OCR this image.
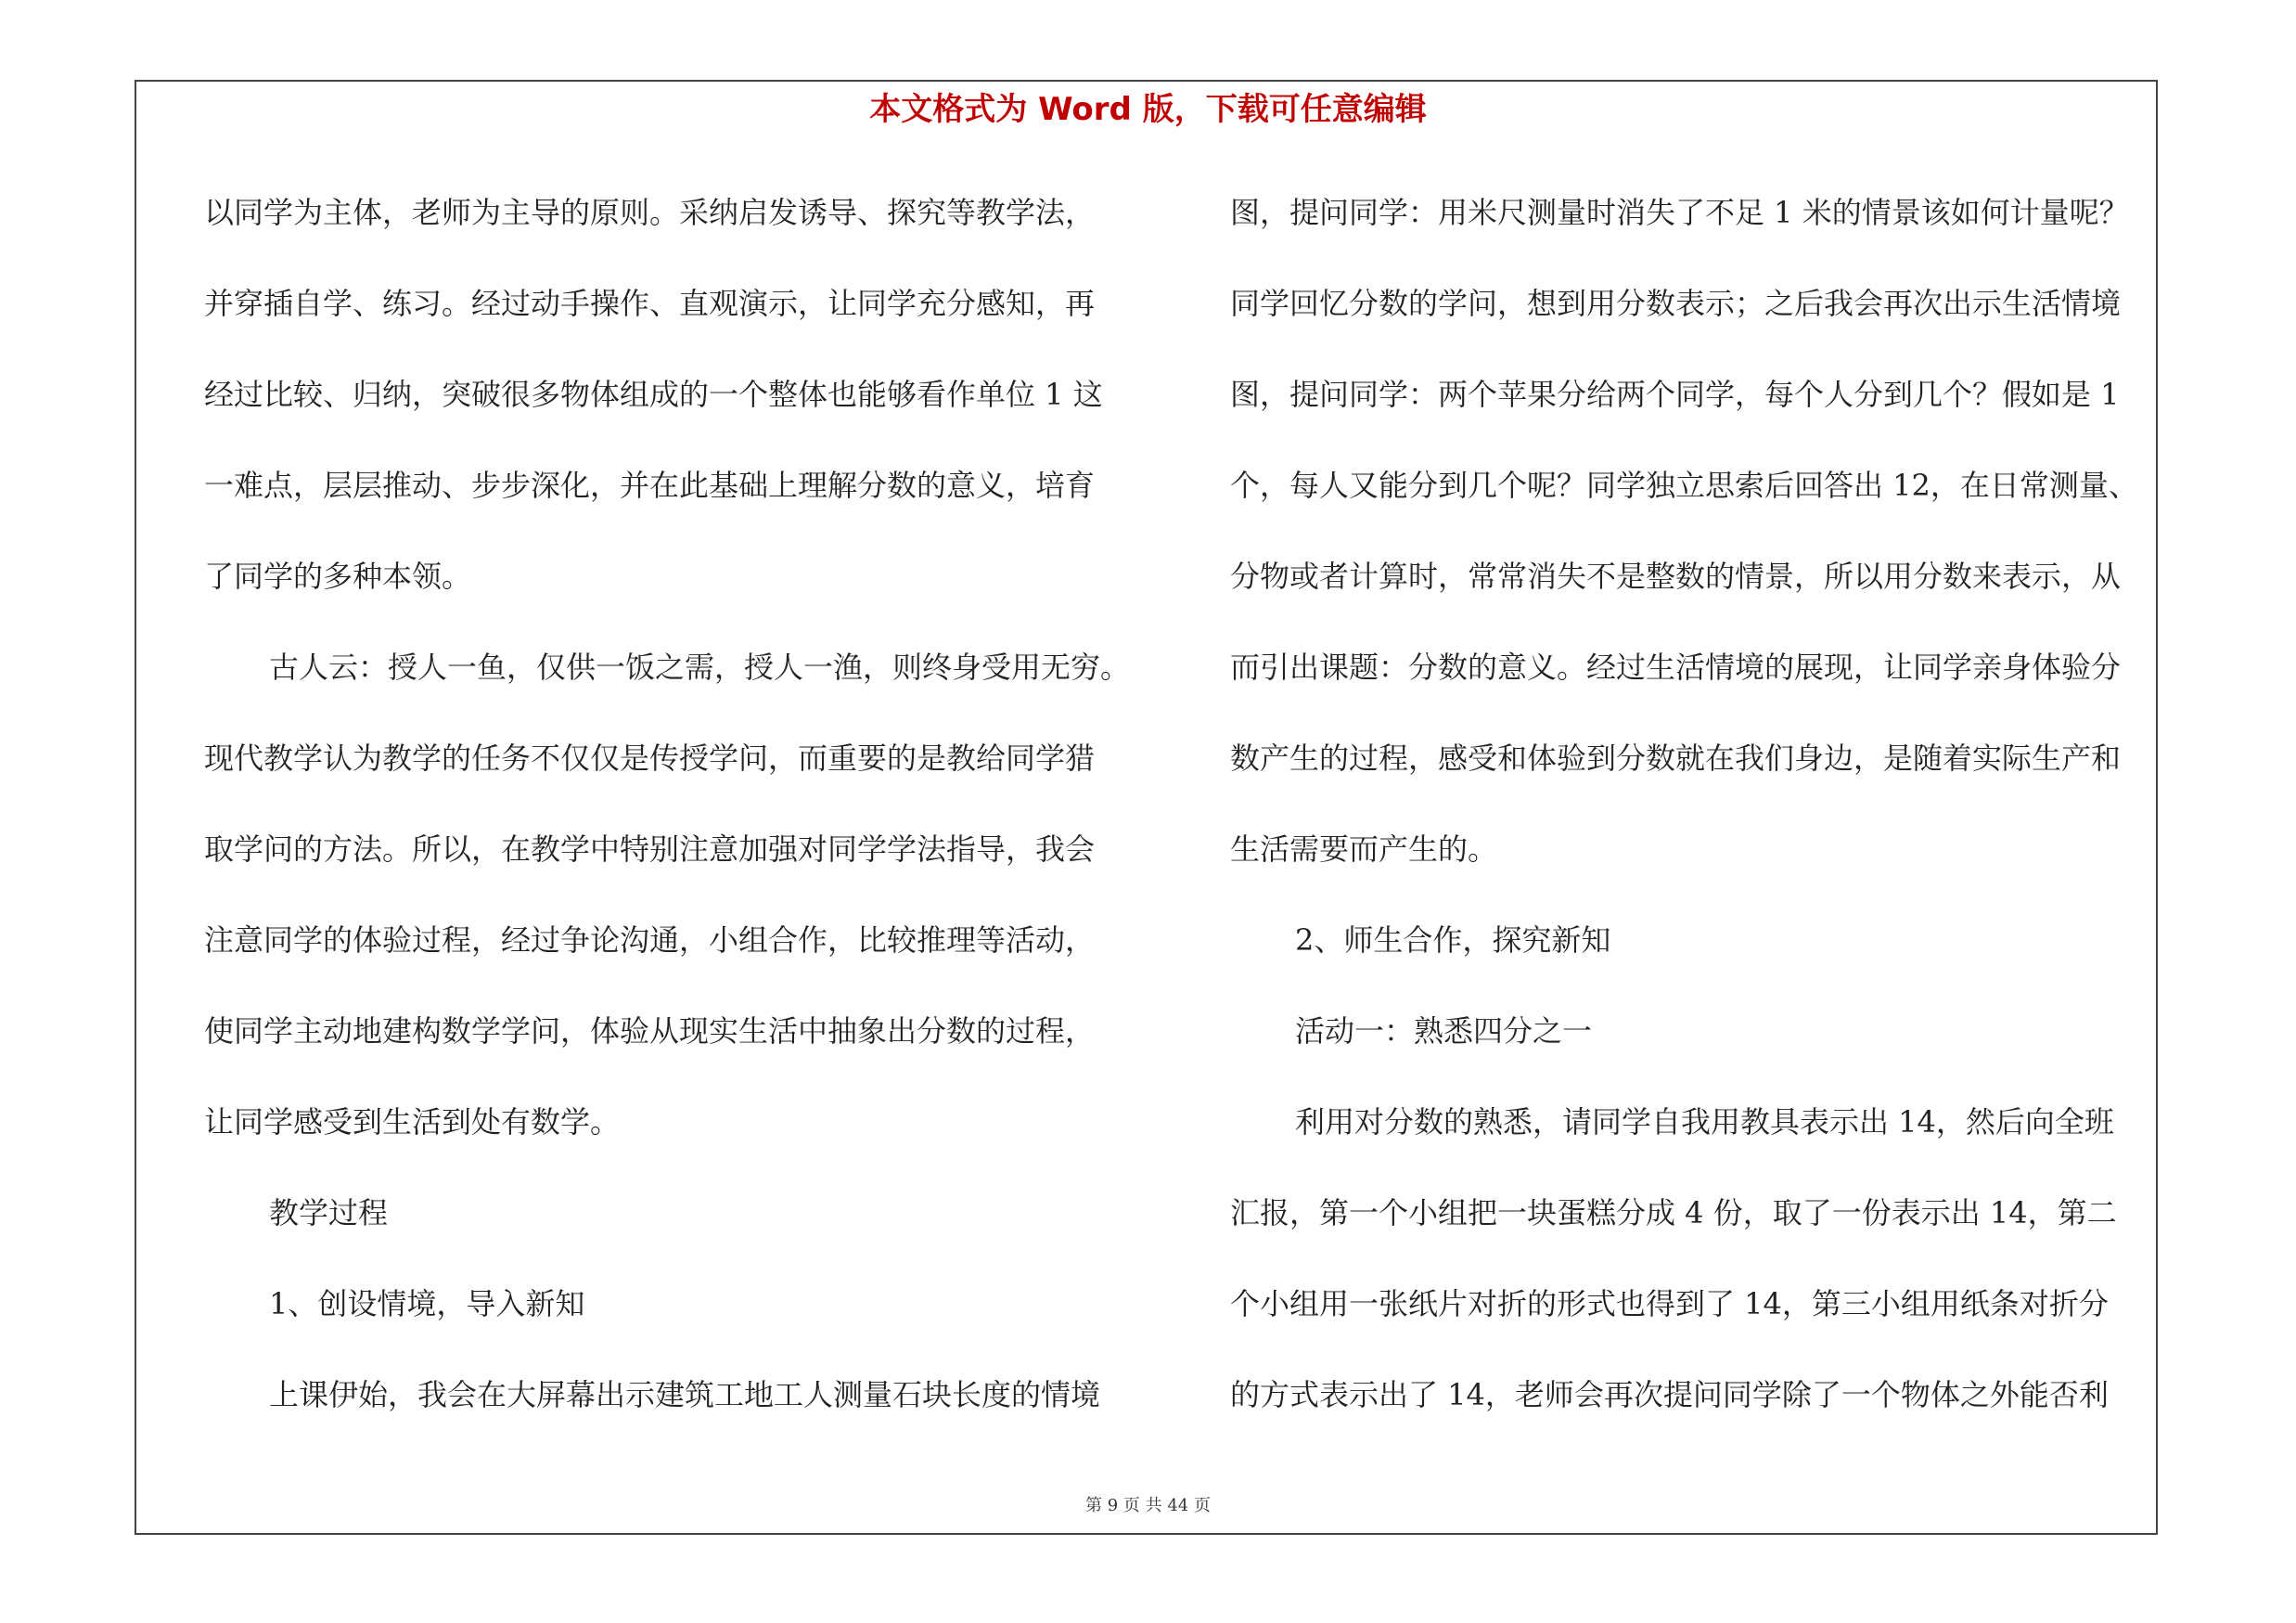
本文格式为 Word 版，下载可任意编辑
以同学为主体，老师为主导的原则。采纳启发诱导、探究等教学法，
并穿插自学、练习。经过动手操作、直观演示，让同学充分感知，再
经过比较、归纳，突破很多物体组成的一个整体也能够看作单位 1 这
一难点，层层推动、步步深化，并在此基础上理解分数的意义，培育
了同学的多种本领。
古人云：授人一鱼，仅供一饭之需，授人一渔，则终身受用无穷。
现代教学认为教学的任务不仅仅是传授学问，而重要的是教给同学猎
取学问的方法。所以，在教学中特别注意加强对同学学法指导，我会
注意同学的体验过程，经过争论沟通，小组合作，比较推理等活动，
使同学主动地建构数学学问，体验从现实生活中抽象出分数的过程，
让同学感受到生活到处有数学。
教学过程
1、创设情境，导入新知
上课伊始，我会在大屏幕出示建筑工地工人测量石块长度的情境
图，提问同学：用米尺测量时消失了不足 1 米的情景该如何计量呢？
同学回忆分数的学问，想到用分数表示；之后我会再次出示生活情境
图，提问同学：两个苹果分给两个同学，每个人分到几个？假如是 1
个，每人又能分到几个呢？同学独立思索后回答出 12，在日常测量、
分物或者计算时，常常消失不是整数的情景，所以用分数来表示，从
而引出课题：分数的意义。经过生活情境的展现，让同学亲身体验分
数产生的过程，感受和体验到分数就在我们身边，是随着实际生产和
生活需要而产生的。
2、师生合作，探究新知
活动一：熟悉四分之一
利用对分数的熟悉，请同学自我用教具表示出 14，然后向全班
汇报，第一个小组把一块蛋糕分成 4 份，取了一份表示出 14，第二
个小组用一张纸片对折的形式也得到了 14，第三小组用纸条对折分
的方式表示出了 14，老师会再次提问同学除了一个物体之外能否利
第 9 页 共 44 页
